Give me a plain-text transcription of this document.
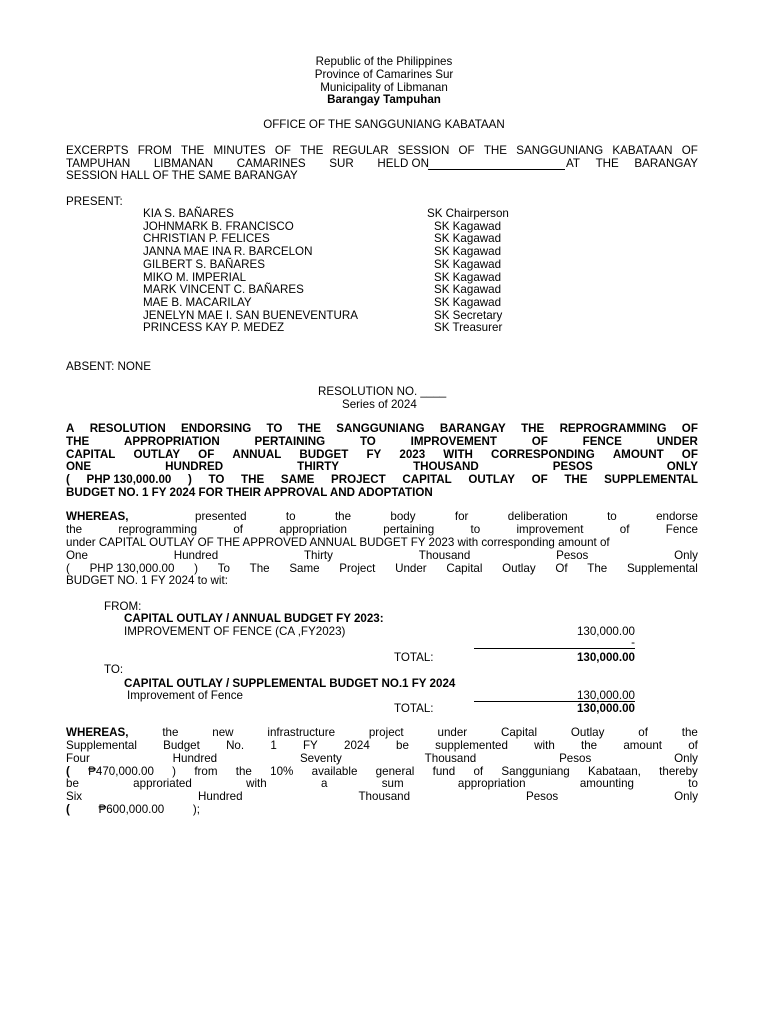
Republic of the Philippines
Province of Camarines Sur
Municipality of Libmanan
Barangay Tampuhan
OFFICE OF THE SANGGUNIANG KABATAAN
EXCERPTS FROM THE MINUTES OF THE REGULAR SESSION OF THE SANGGUNIANG KABATAAN OF
TAMPUHAN LIBMANAN CAMARINES SUR HELD ON	AT THE BARANGAY
SESSION HALL OF THE SAME BARANGAY
PRESENT:
KIA S. BAÑARES	SK Chairperson
JOHNMARK B. FRANCISCO	SK Kagawad
CHRISTIAN P. FELICES	SK Kagawad
JANNA MAE INA R. BARCELON	SK Kagawad
GILBERT S. BAÑARES	SK Kagawad
MIKO M. IMPERIAL	SK Kagawad
MARK VINCENT C. BAÑARES	SK Kagawad
MAE B. MACARILAY	SK Kagawad
JENELYN MAE I. SAN BUENEVENTURA	SK Secretary
PRINCESS KAY P. MEDEZ	SK Treasurer
ABSENT: NONE
RESOLUTION NO. ____
Series of 2024
A RESOLUTION ENDORSING TO THE SANGGUNIANG BARANGAY THE REPROGRAMMING OF
THE	APPROPRIATION	PERTAINING	TO	IMPROVEMENT	OF	FENCE	UNDER
CAPITAL OUTLAY OF ANNUAL BUDGET FY 2023 WITH CORRESPONDING AMOUNT OF
ONE	HUNDRED	THIRTY	THOUSAND	PESOS	ONLY
( PHP 130,000.00 ) TO THE SAME PROJECT CAPITAL OUTLAY OF THE SUPPLEMENTAL
BUDGET NO. 1 FY 2024 FOR THEIR APPROVAL AND ADOPTATION
WHEREAS,	presented	to	the	body	for	deliberation	to	endorse
the	reprogramming	of	appropriation	pertaining	to	improvement	of	Fence
under CAPITAL OUTLAY OF THE APPROVED ANNUAL BUDGET FY 2023 with corresponding amount of
One	Hundred	Thirty	Thousand	Pesos	Only
( PHP 130,000.00 ) To The Same Project Under Capital Outlay Of The Supplemental
BUDGET NO. 1 FY 2024 to wit:
FROM:
CAPITAL OUTLAY / ANNUAL BUDGET FY 2023:
IMPROVEMENT OF FENCE (CA ,FY2023)	130,000.00
-
TOTAL:	130,000.00
TO:
CAPITAL OUTLAY / SUPPLEMENTAL BUDGET NO.1 FY 2024
Improvement of Fence	130,000.00
TOTAL:	130,000.00
WHEREAS,	the	new	infrastructure	project	under	Capital	Outlay	of	the
Supplemental Budget No. 1 FY 2024 be supplemented with the amount of
Four	Hundred	Seventy	Thousand	Pesos	Only
( ₱470,000.00 ) from the 10% available general fund of Sangguniang Kabataan, thereby
be	approriated	with	a	sum	appropriation	amounting	to
Six	Hundred	Thousand	Pesos	Only
( ₱600,000.00 );
